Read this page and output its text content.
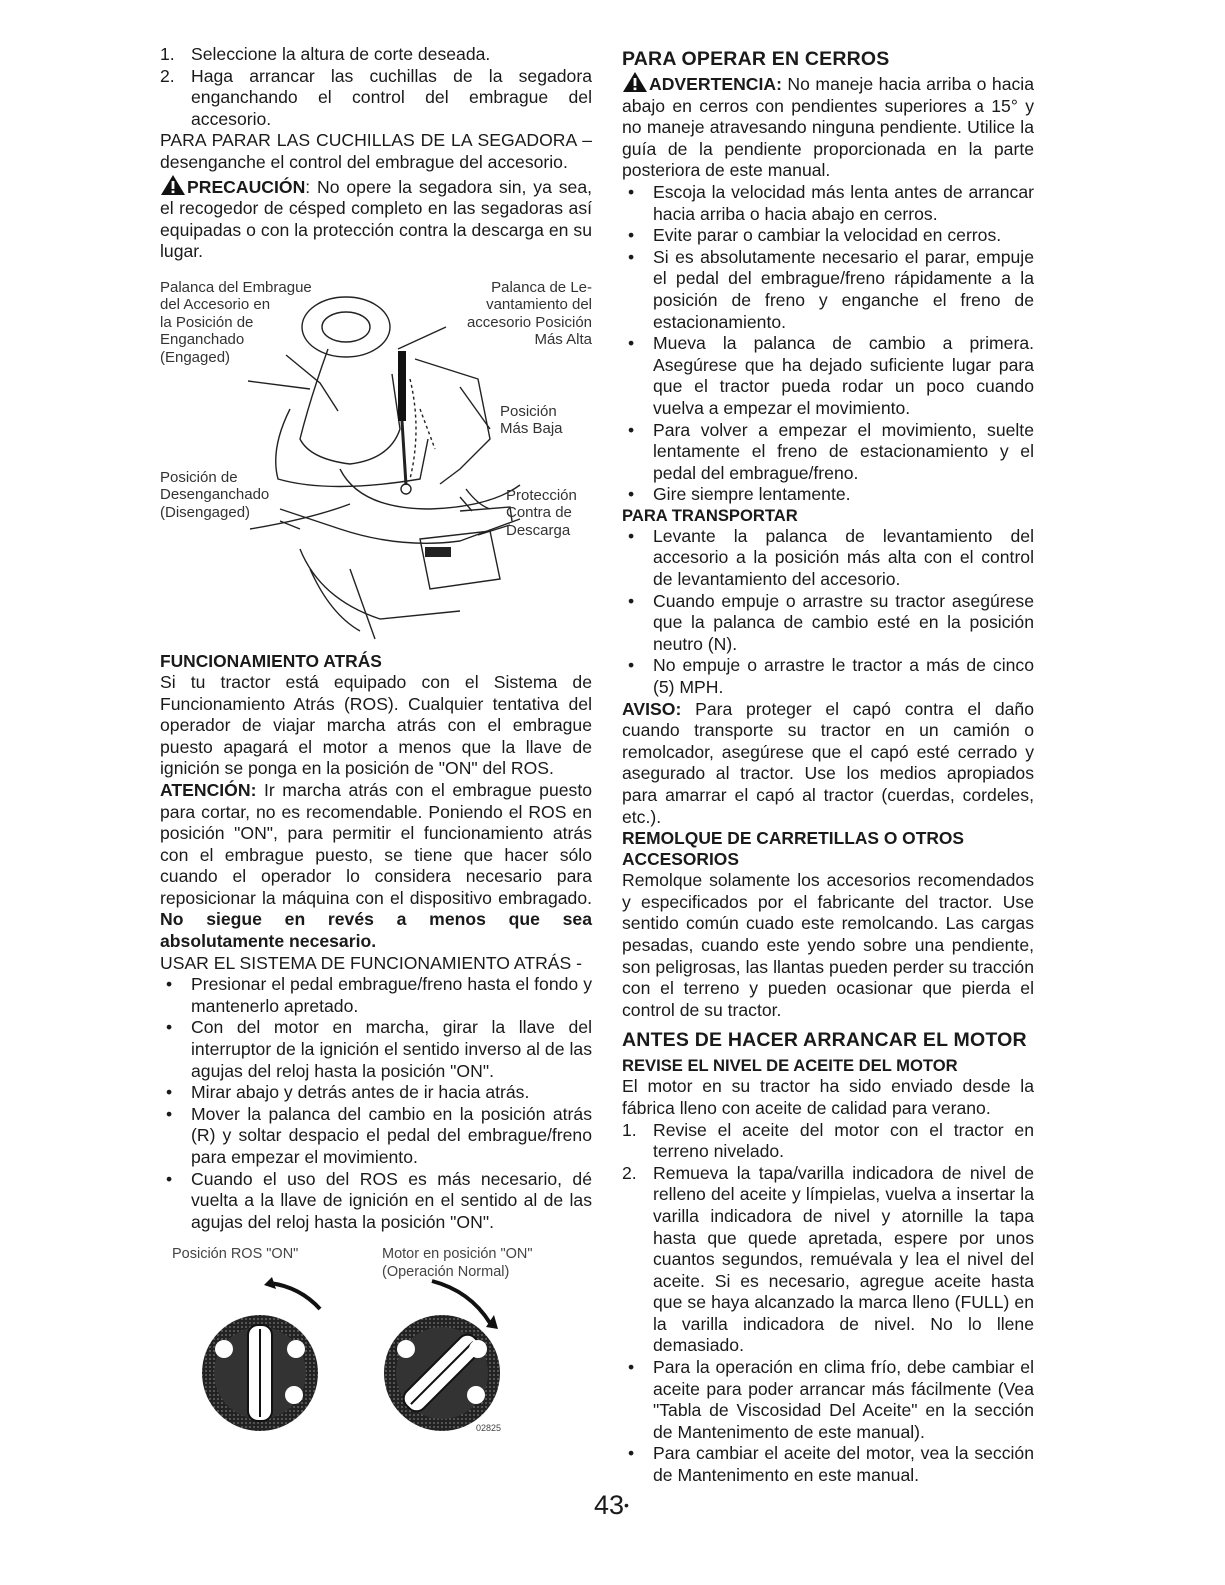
1. Seleccione la altura de corte deseada.
2. Haga arrancar las cuchillas de la segadora enganchando el control del embrague del accesorio.

PARA PARAR LAS CUCHILLAS DE LA SEGADORA – desenganche el control del embrague del accesorio.

PRECAUCIÓN: No opere la segadora sin, ya sea, el recogedor de césped completo en las segadoras así equipadas o con la protección contra la descarga en su lugar.

Palanca del Embrague
del Accesorio en
la Posición de
Enganchado
(Engaged)
Palanca de Le-
vantamiento del
accesorio Posición
Más Alta
Posición
Más Baja
Posición de
Desenganchado
(Disengaged)
Protección
Contra de
Descarga

FUNCIONAMIENTO ATRÁS

Si tu tractor está equipado con el Sistema de Funcionamiento Atrás (ROS). Cualquier tentativa del operador de viajar marcha atrás con el embrague puesto apagará el motor a menos que la llave de ignición se ponga en la posición de "ON" del ROS.

ATENCIÓN: Ir marcha atrás con el embrague puesto para cortar, no es recomendable. Poniendo el ROS en posición "ON", para permitir el funcionamiento atrás con el embrague puesto, se tiene que hacer sólo cuando el operador lo considera necesario para reposicionar la máquina con el dispositivo embragado. No siegue en revés a menos que sea absolutamente necesario.

USAR EL SISTEMA DE FUNCIONAMIENTO ATRÁS -

•	Presionar el pedal embrague/freno hasta el fondo y mantenerlo apretado.
•	Con del motor en marcha, girar la llave del interruptor de la ignición el sentido inverso al de las agujas del reloj hasta la posición "ON".
•	Mirar abajo y detrás antes de ir hacia atrás.
•	Mover la palanca del cambio en la posición atrás (R) y soltar despacio el pedal del embrague/freno para empezar el movimiento.
•	Cuando el uso del ROS es más necesario, dé vuelta a la llave de ignición en el sentido al de las agujas del reloj hasta la posición "ON".
Posición ROS "ON"	Motor en posición "ON"
(Operación Normal)
02825

PARA OPERAR EN CERROS

ADVERTENCIA: No maneje hacia arriba o hacia abajo en cerros con pendientes superiores a 15° y no maneje atravesando ninguna pendiente. Utilice la guía de la pendiente proporcionada en la parte posteriora de este manual.

•	Escoja la velocidad más lenta antes de arrancar hacia arriba o hacia abajo en cerros.
•	Evite parar o cambiar la velocidad en cerros.
•	Si es absolutamente necesario el parar, empuje el pedal del embrague/freno rápidamente a la posición de freno y enganche el freno de estacionamiento.
•	Mueva la palanca de cambio a primera. Asegúrese que ha dejado suficiente lugar para que el tractor pueda rodar un poco cuando vuelva a empezar el movimiento.
•	Para volver a empezar el movimiento, suelte lentamente el freno de estacionamiento y el pedal del embrague/freno.
•	Gire siempre lentamente.

PARA TRANSPORTAR

•	Levante la palanca de levantamiento del accesorio a la posición más alta con el control de levantamiento del accesorio.
•	Cuando empuje o arrastre su tractor asegúrese que la palanca de cambio esté en la posición neutro (N).
•	No empuje o arrastre le tractor a más de cinco (5) MPH.

AVISO: Para proteger el capó contra el daño cuando transporte su tractor en un camión o remolcador, asegúrese que el capó esté cerrado y asegurado al tractor. Use los medios apropiados para amarrar el capó al tractor (cuerdas, cordeles, etc.).

REMOLQUE DE CARRETILLAS O OTROS ACCESORIOS

Remolque solamente los accesorios recomendados y especificados por el fabricante del tractor. Use sentido común cuado este remolcando. Las cargas pesadas, cuando este yendo sobre una pendiente, son peligrosas, las llantas pueden perder su tracción con el terreno y pueden ocasionar que pierda el control de su tractor.

ANTES DE HACER ARRANCAR EL MOTOR

REVISE EL NIVEL DE ACEITE DEL MOTOR

El motor en su tractor ha sido enviado desde la fábrica lleno con aceite de calidad para verano.

1. Revise el aceite del motor con el tractor en terreno nivelado.
2. Remueva la tapa/varilla indicadora de nivel de relleno del aceite y límpielas, vuelva a insertar la varilla indicadora de nivel y atornille la tapa hasta que quede apretada, espere por unos cuantos segundos, remuévala y lea el nivel del aceite. Si es necesario, agregue aceite hasta que se haya alcanzado la marca lleno (FULL) en la varilla indicadora de nivel. No lo llene demasiado.
•	Para la operación en clima frío, debe cambiar el aceite para poder arrancar más fácilmente (Vea "Tabla de Viscosidad Del Aceite" en la sección de Mantenimento de este manual).
•	Para cambiar el aceite del motor, vea la sección de Mantenimento en este manual.
43•
